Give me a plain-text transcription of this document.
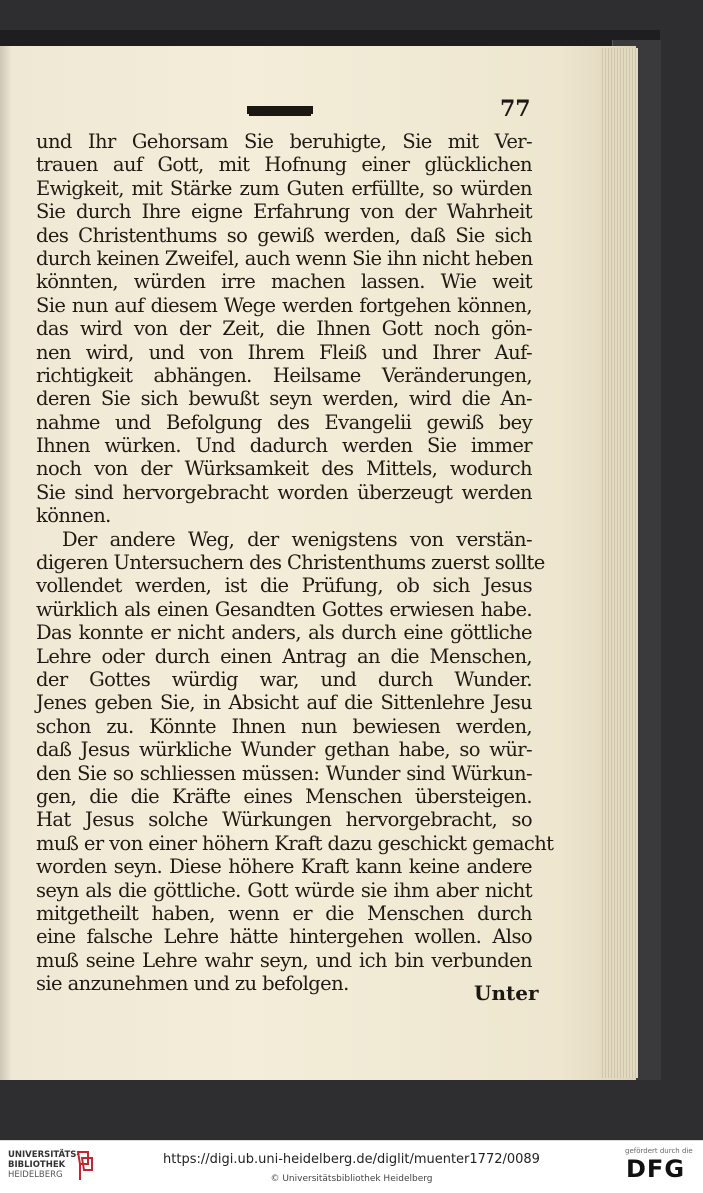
77
und Ihr Gehorsam Sie beruhigte, Sie mit Ver-
trauen auf Gott, mit Hofnung einer glücklichen
Ewigkeit, mit Stärke zum Guten erfüllte, so würden
Sie durch Ihre eigne Erfahrung von der Wahrheit
des Christenthums so gewiß werden, daß Sie sich
durch keinen Zweifel, auch wenn Sie ihn nicht heben
könnten, würden irre machen lassen. Wie weit
Sie nun auf diesem Wege werden fortgehen können,
das wird von der Zeit, die Ihnen Gott noch gön-
nen wird, und von Ihrem Fleiß und Ihrer Auf-
richtigkeit abhängen. Heilsame Veränderungen,
deren Sie sich bewußt seyn werden, wird die An-
nahme und Befolgung des Evangelii gewiß bey
Ihnen würken. Und dadurch werden Sie immer
noch von der Würksamkeit des Mittels, wodurch
Sie sind hervorgebracht worden überzeugt werden
können.
Der andere Weg, der wenigstens von verstän-
digeren Untersuchern des Christenthums zuerst sollte
vollendet werden, ist die Prüfung, ob sich Jesus
würklich als einen Gesandten Gottes erwiesen habe.
Das konnte er nicht anders, als durch eine göttliche
Lehre oder durch einen Antrag an die Menschen,
der Gottes würdig war, und durch Wunder.
Jenes geben Sie, in Absicht auf die Sittenlehre Jesu
schon zu. Könnte Ihnen nun bewiesen werden,
daß Jesus würkliche Wunder gethan habe, so wür-
den Sie so schliessen müssen: Wunder sind Würkun-
gen, die die Kräfte eines Menschen übersteigen.
Hat Jesus solche Würkungen hervorgebracht, so
muß er von einer höhern Kraft dazu geschickt gemacht
worden seyn. Diese höhere Kraft kann keine andere
seyn als die göttliche. Gott würde sie ihm aber nicht
mitgetheilt haben, wenn er die Menschen durch
eine falsche Lehre hätte hintergehen wollen. Also
muß seine Lehre wahr seyn, und ich bin verbunden
sie anzunehmen und zu befolgen.	Unter
UNIVERSITÄTS-
BIBLIOTHEK
HEIDELBERG
https://digi.ub.uni-heidelberg.de/diglit/muenter1772/0089
© Universitätsbibliothek Heidelberg
gefördert durch die
DFG
